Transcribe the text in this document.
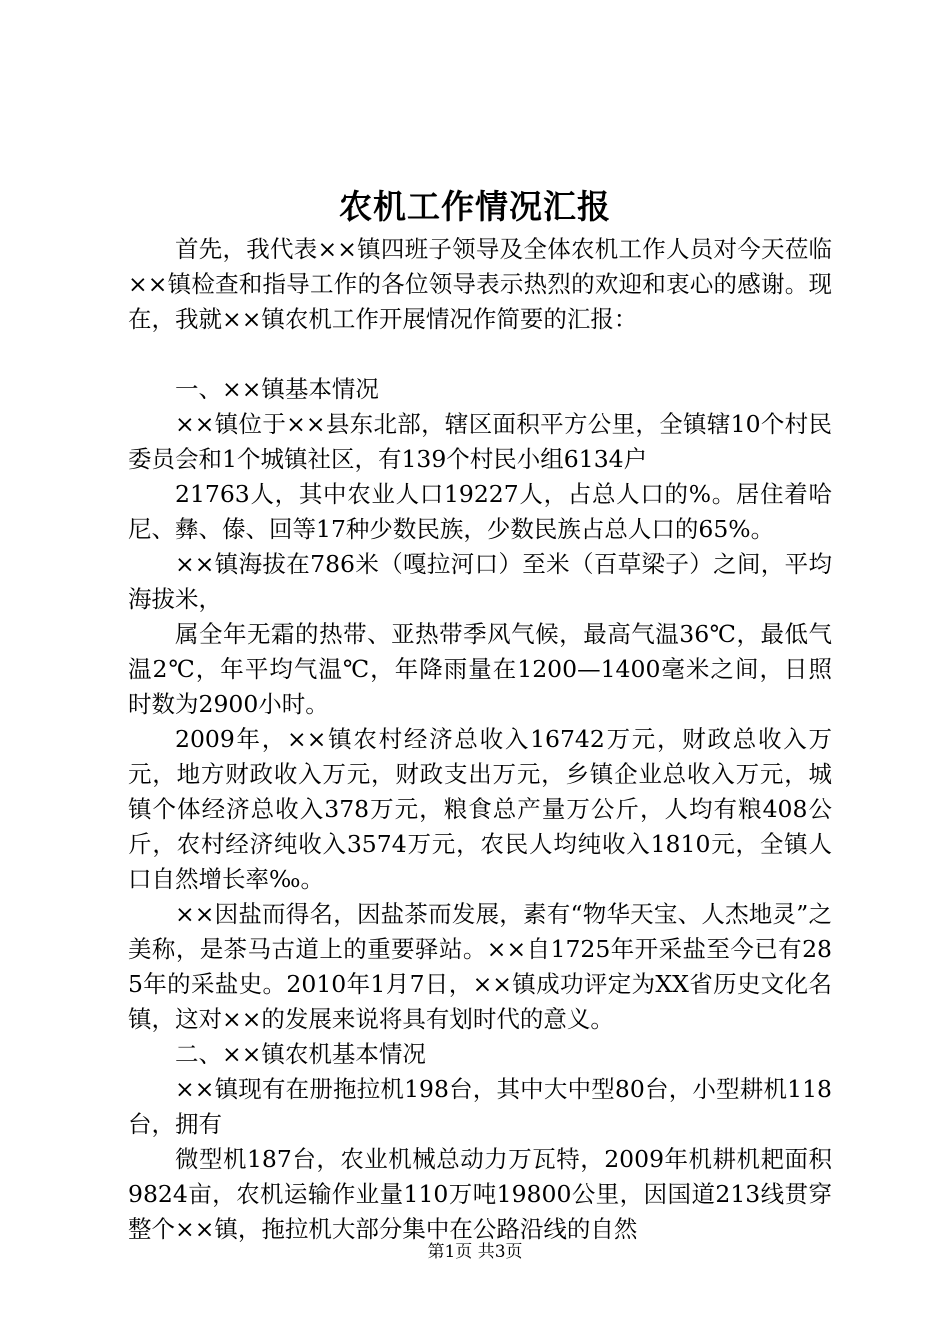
农机工作情况汇报

首先，我代表××镇四班子领导及全体农机工作人员对今天莅临××镇检查和指导工作的各位领导表示热烈的欢迎和衷心的感谢。现在，我就××镇农机工作开展情况作简要的汇报：

一、××镇基本情况

××镇位于××县东北部，辖区面积平方公里，全镇辖10个村民委员会和1个城镇社区，有139个村民小组6134户

21763人，其中农业人口19227人，占总人口的%。居住着哈尼、彝、傣、回等17种少数民族，少数民族占总人口的65%。

××镇海拔在786米（嘎拉河口）至米（百草梁子）之间，平均海拔米，

属全年无霜的热带、亚热带季风气候，最高气温36℃，最低气温2℃，年平均气温℃，年降雨量在1200—1400毫米之间，日照时数为2900小时。

2009年，××镇农村经济总收入16742万元，财政总收入万元，地方财政收入万元，财政支出万元，乡镇企业总收入万元，城镇个体经济总收入378万元，粮食总产量万公斤，人均有粮408公斤，农村经济纯收入3574万元，农民人均纯收入1810元，全镇人口自然增长率‰。

××因盐而得名，因盐茶而发展，素有“物华天宝、人杰地灵”之美称，是茶马古道上的重要驿站。××自1725年开采盐至今已有285年的采盐史。2010年1月7日，××镇成功评定为XX省历史文化名镇，这对××的发展来说将具有划时代的意义。

二、××镇农机基本情况

××镇现有在册拖拉机198台，其中大中型80台，小型耕机118台，拥有

微型机187台，农业机械总动力万瓦特，2009年机耕机耙面积9824亩，农机运输作业量110万吨19800公里，因国道213线贯穿整个××镇，拖拉机大部分集中在公路沿线的自然

第1页 共3页
